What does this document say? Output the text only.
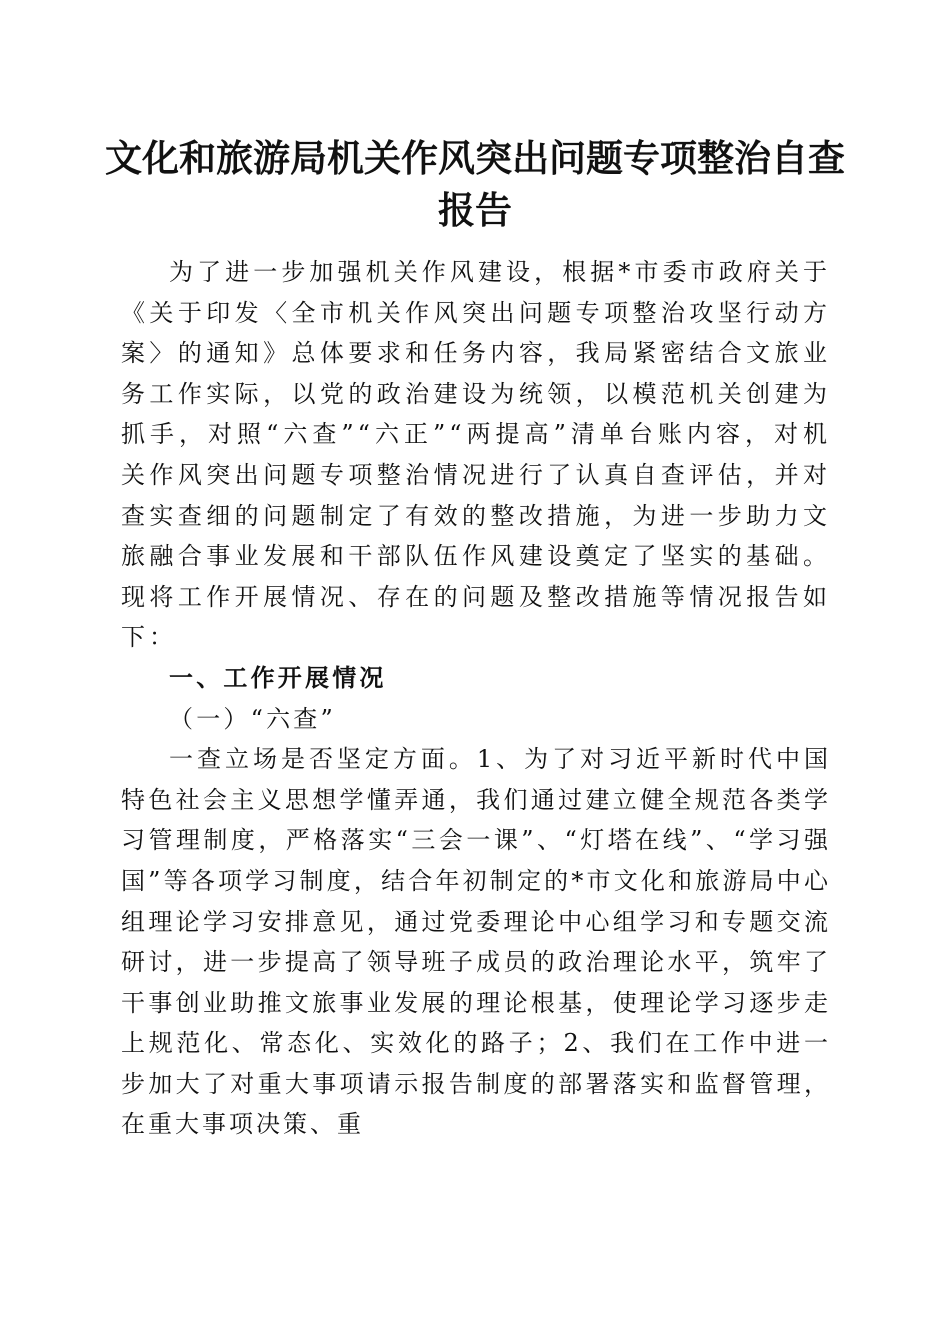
文化和旅游局机关作风突出问题专项整治自查
报告

为了进一步加强机关作风建设，根据*市委市政府关于《关于印发〈全市机关作风突出问题专项整治攻坚行动方案〉的通知》总体要求和任务内容，我局紧密结合文旅业务工作实际，以党的政治建设为统领，以模范机关创建为抓手，对照“六查”“六正”“两提高”清单台账内容，对机关作风突出问题专项整治情况进行了认真自查评估，并对查实查细的问题制定了有效的整改措施，为进一步助力文旅融合事业发展和干部队伍作风建设奠定了坚实的基础。现将工作开展情况、存在的问题及整改措施等情况报告如下：

一、工作开展情况

（一）“六查”

一查立场是否坚定方面。1、为了对习近平新时代中国特色社会主义思想学懂弄通，我们通过建立健全规范各类学习管理制度，严格落实“三会一课”、“灯塔在线”、“学习强国”等各项学习制度，结合年初制定的*市文化和旅游局中心组理论学习安排意见，通过党委理论中心组学习和专题交流研讨，进一步提高了领导班子成员的政治理论水平，筑牢了干事创业助推文旅事业发展的理论根基，使理论学习逐步走上规范化、常态化、实效化的路子；2、我们在工作中进一步加大了对重大事项请示报告制度的部署落实和监督管理，在重大事项决策、重
